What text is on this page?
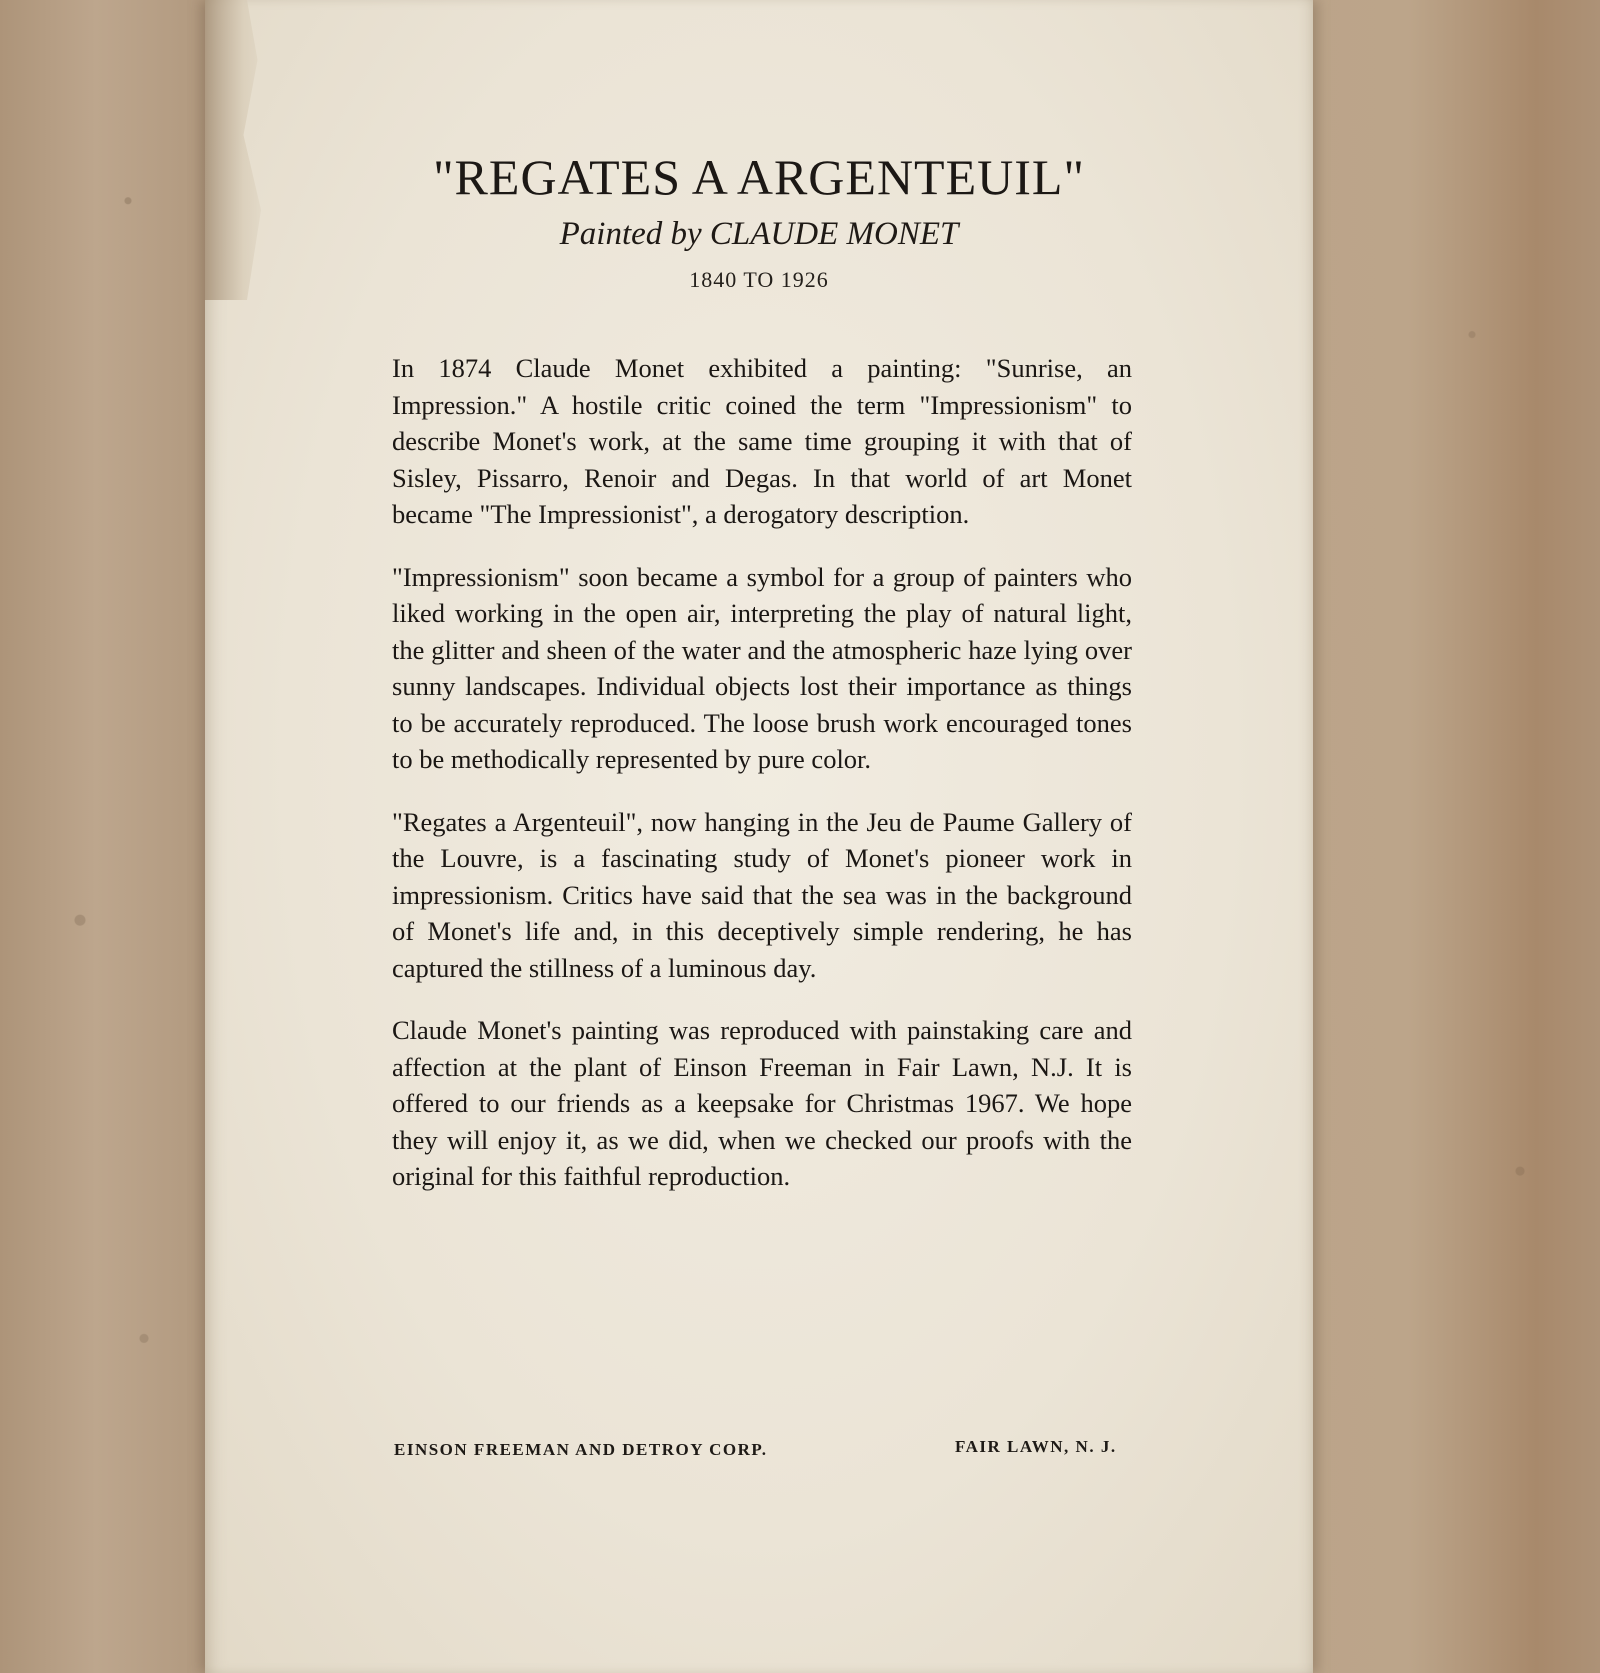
"REGATES A ARGENTEUIL"
Painted by CLAUDE MONET
1840 TO 1926

In 1874 Claude Monet exhibited a painting: "Sunrise, an Impression." A hostile critic coined the term "Impressionism" to describe Monet's work, at the same time grouping it with that of Sisley, Pissarro, Renoir and Degas. In that world of art Monet became "The Impressionist", a derogatory description.

"Impressionism" soon became a symbol for a group of painters who liked working in the open air, interpreting the play of natural light, the glitter and sheen of the water and the atmospheric haze lying over sunny landscapes. Individual objects lost their importance as things to be accurately reproduced. The loose brush work encouraged tones to be methodically represented by pure color.

"Regates a Argenteuil", now hanging in the Jeu de Paume Gallery of the Louvre, is a fascinating study of Monet's pioneer work in impressionism. Critics have said that the sea was in the background of Monet's life and, in this deceptively simple rendering, he has captured the stillness of a luminous day.

Claude Monet's painting was reproduced with painstaking care and affection at the plant of Einson Freeman in Fair Lawn, N.J. It is offered to our friends as a keepsake for Christmas 1967. We hope they will enjoy it, as we did, when we checked our proofs with the original for this faithful reproduction.

EINSON FREEMAN AND DETROY CORP.	FAIR LAWN, N. J.
